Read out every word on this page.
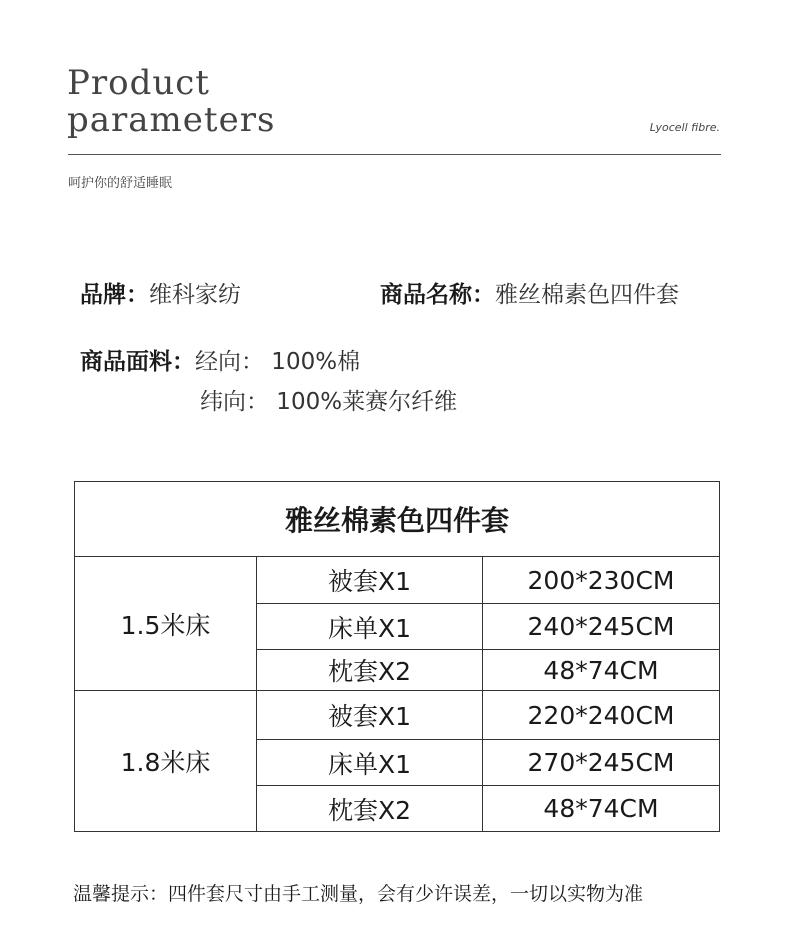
Product
parameters	Lyocell fibre.
呵护你的舒适睡眠
品牌：维科家纺	商品名称：雅丝棉素色四件套
商品面料：经向： 100%棉
纬向： 100%莱赛尔纤维
雅丝棉素色四件套		
1.5米床	被套X1	200*230CM
	床单X1	240*245CM
	枕套X2	48*74CM
1.8米床	被套X1	220*240CM
	床单X1	270*245CM
	枕套X2	48*74CM
温馨提示：四件套尺寸由手工测量，会有少许误差，一切以实物为准
